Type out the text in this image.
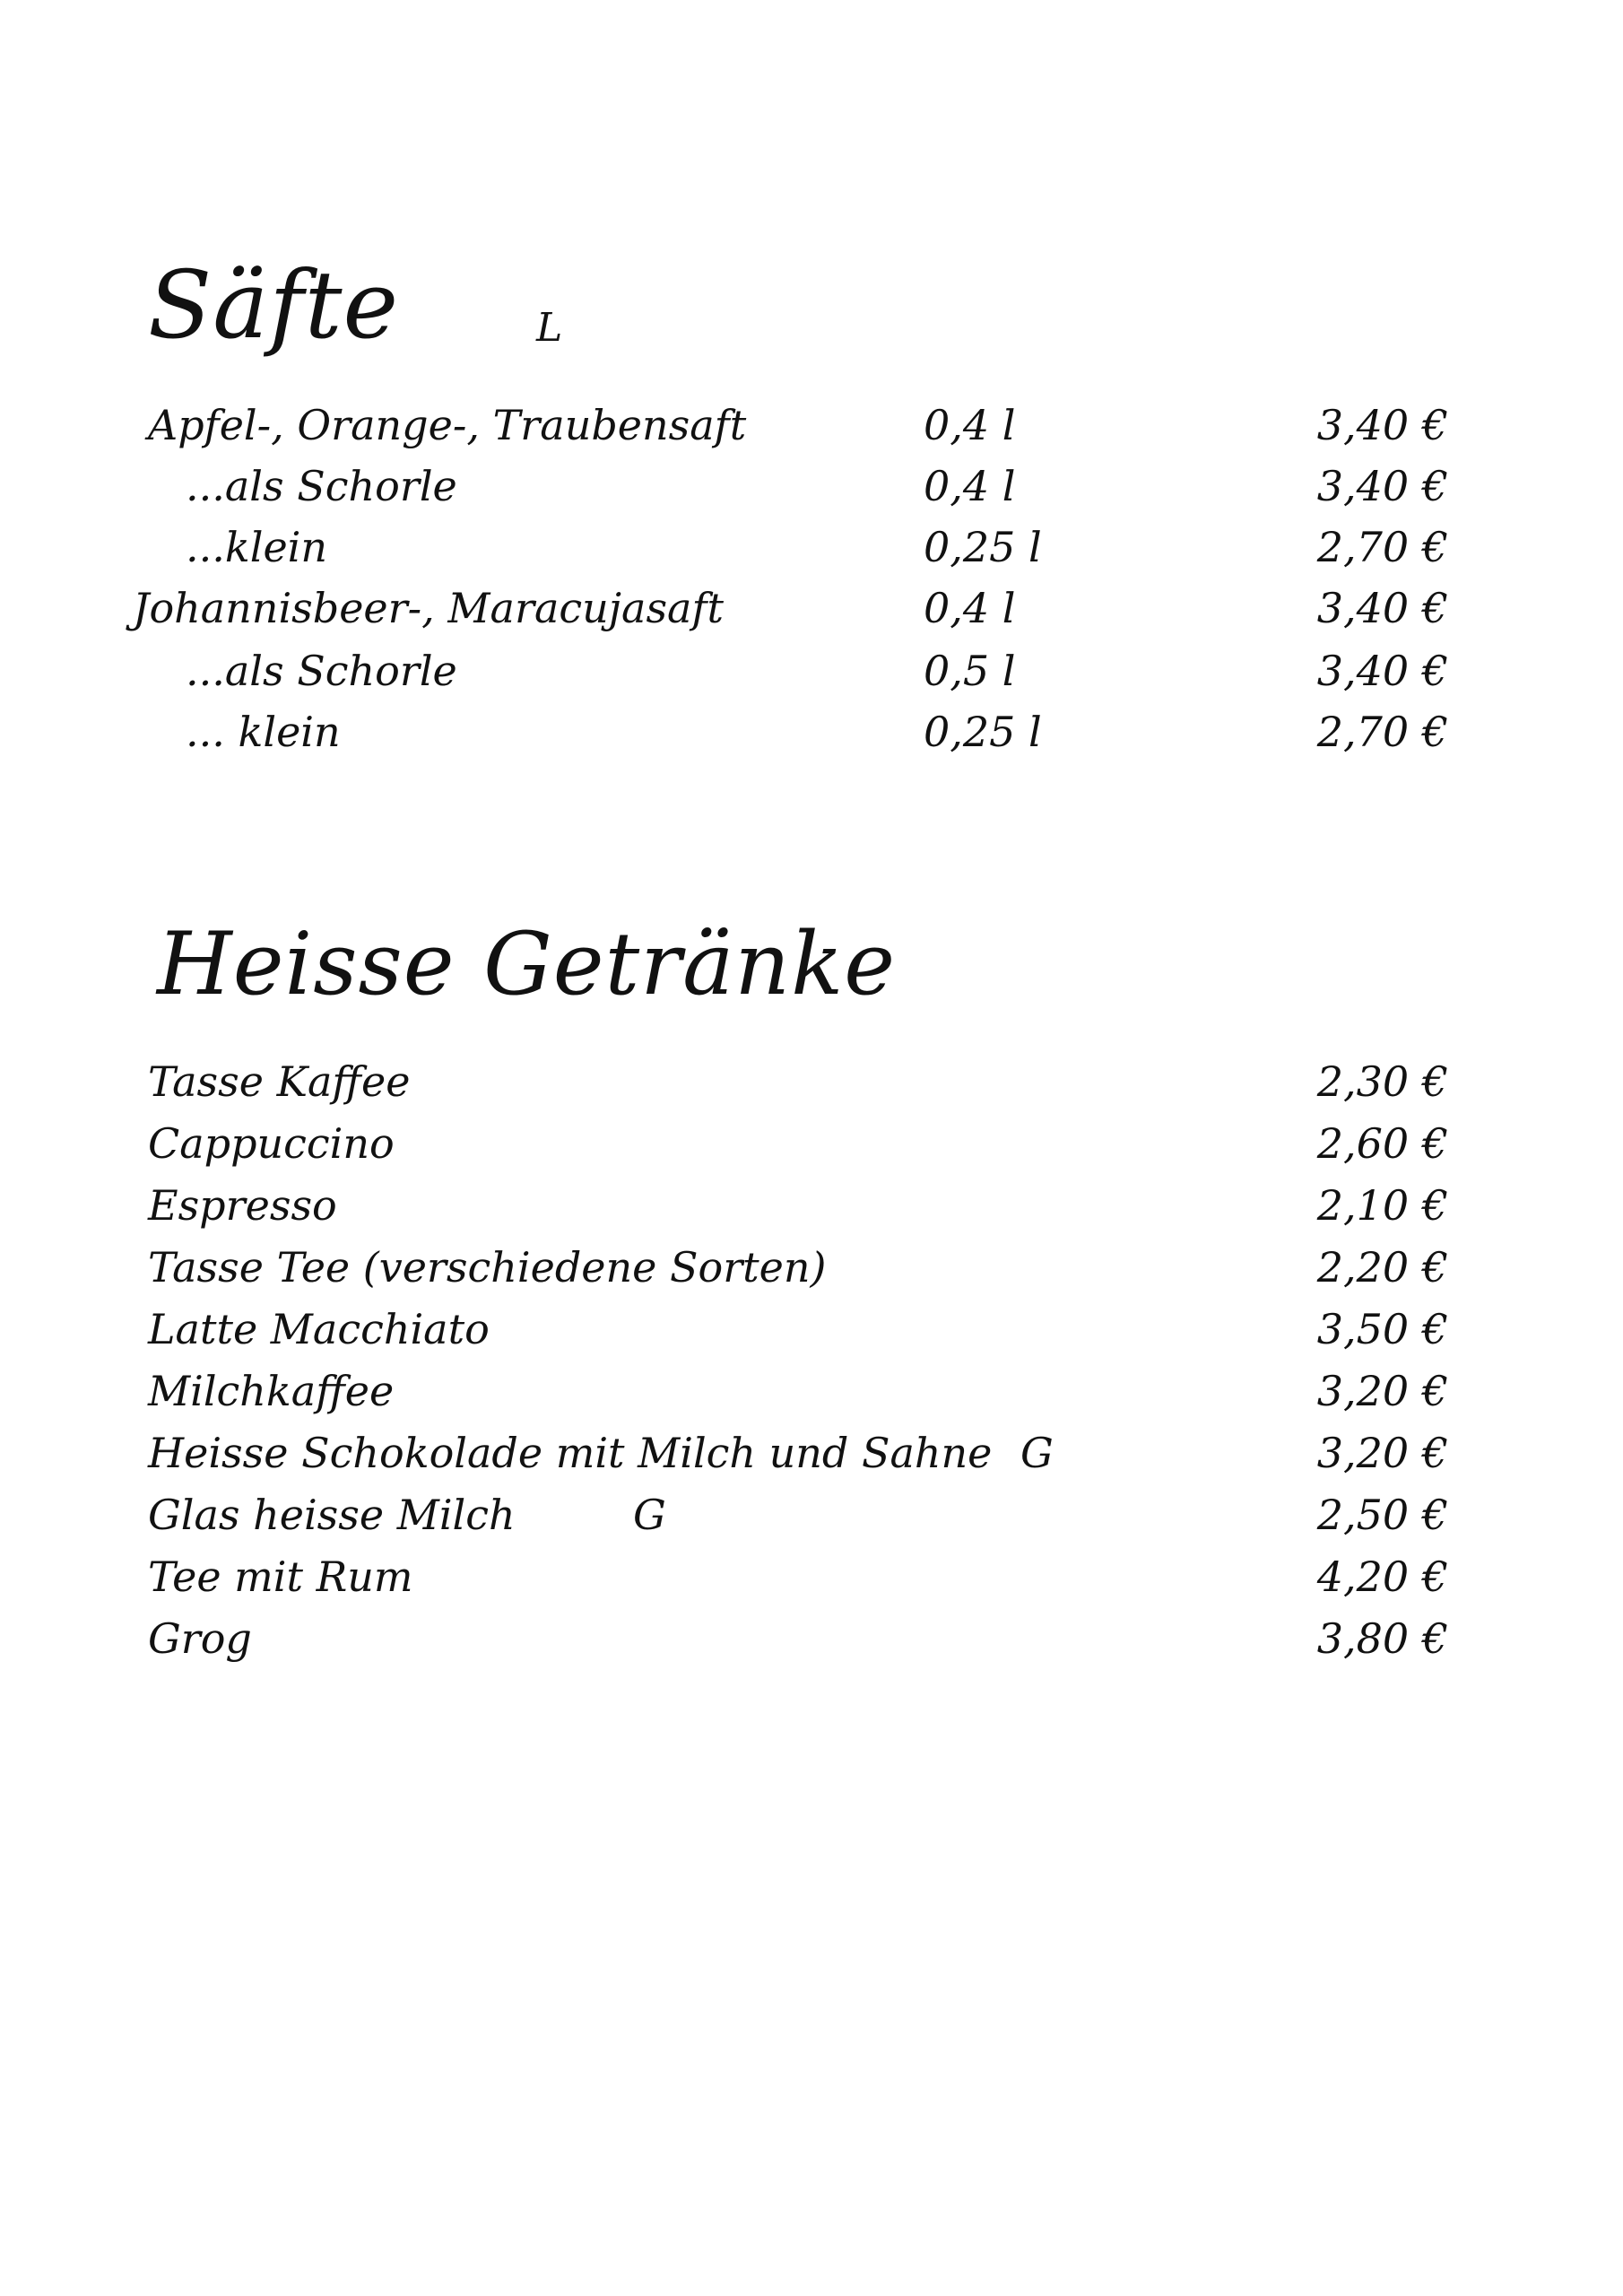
Säfte	L
Apfel-, Orange-, Traubensaft	0,4 l	3,40 €
...als Schorle	0,4 l	3,40 €
...klein	0,25 l	2,70 €
Johannisbeer-, Maracujasaft	0,4 l	3,40 €
...als Schorle	0,5 l	3,40 €
... klein	0,25 l	2,70 €
Heisse Getränke
Tasse Kaffee	2,30 €
Cappuccino	2,60 €
Espresso	2,10 €
Tasse Tee (verschiedene Sorten)	2,20 €
Latte Macchiato	3,50 €
Milchkaffee	3,20 €
Heisse Schokolade mit Milch und Sahne G	3,20 €
Glas heisse Milch	G	2,50 €
Tee mit Rum	4,20 €
Grog	3,80 €
